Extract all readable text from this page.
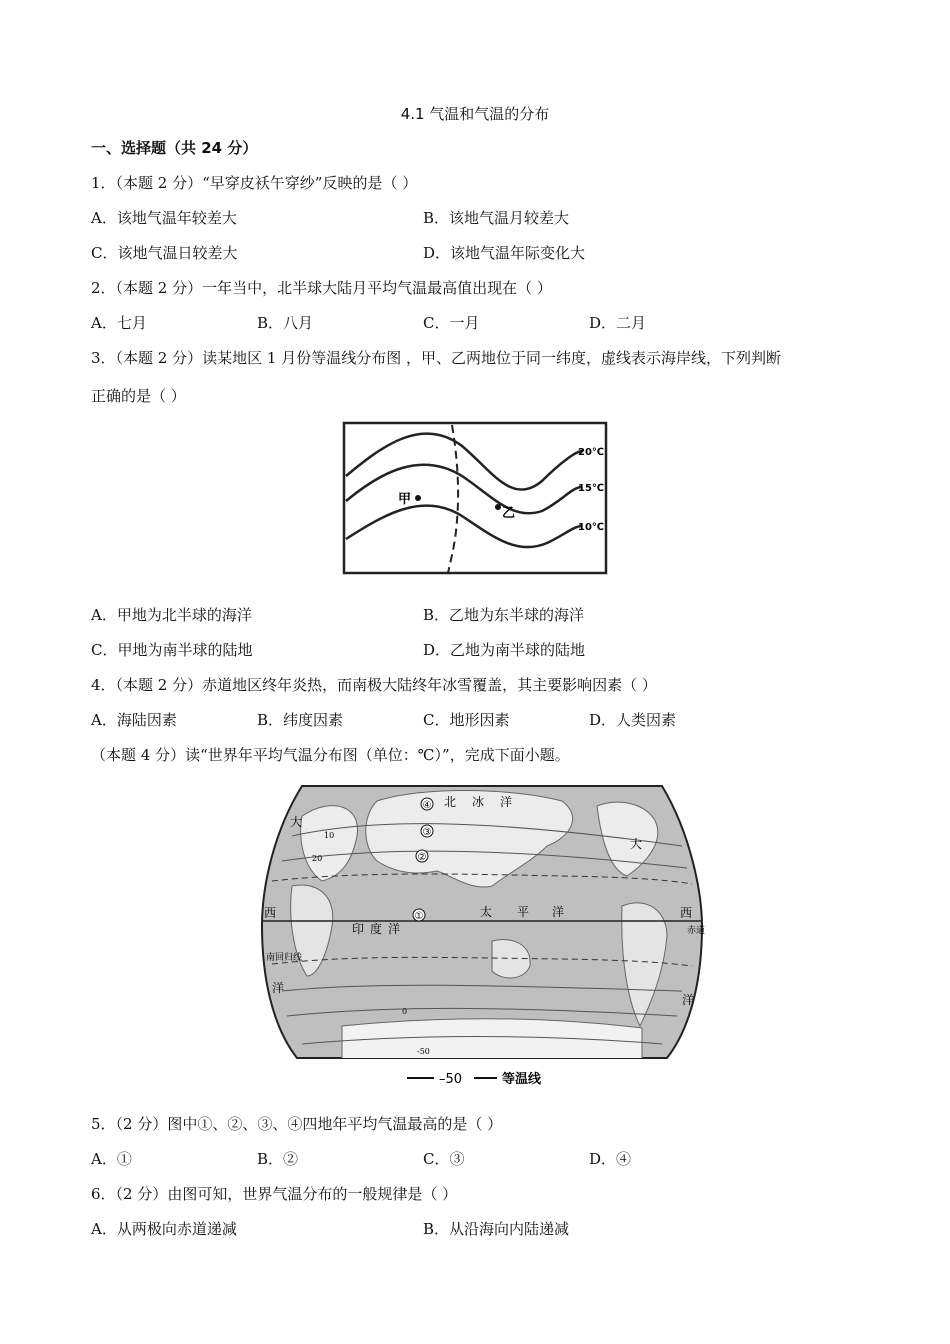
4.1 气温和气温的分布
一、选择题（共 24 分）
1．（本题 2 分）“早穿皮袄午穿纱”反映的是（ ）
A．该地气温年较差大	B．该地气温月较差大
C．该地气温日较差大	D．该地气温年际变化大
2．（本题 2 分）一年当中，北半球大陆月平均气温最高值出现在（ ）
A．七月	B．八月	C．一月	D．二月
3．（本题 2 分）读某地区 1 月份等温线分布图 ，甲、乙两地位于同一纬度，虚线表示海岸线，下列判断
正确的是（ ）
甲
乙
20℃
15℃
10℃
A．甲地为北半球的海洋	B．乙地为东半球的海洋
C．甲地为南半球的陆地	D．乙地为南半球的陆地
4．（本题 2 分）赤道地区终年炎热，而南极大陆终年冰雪覆盖，其主要影响因素（ ）
A．海陆因素	B．纬度因素	C．地形因素	D．人类因素
（本题 4 分）读“世界年平均气温分布图（单位：℃）”，完成下面小题。
④
③
②
①
北 冰 洋
太 平 洋
印 度 洋
大
大
西	西
赤道
南回归线
洋
洋
10
20
0
-50
–50	等温线
5．（2 分）图中①、②、③、④四地年平均气温最高的是（ ）
A．①	B．②	C．③	D．④
6．（2 分）由图可知，世界气温分布的一般规律是（ ）
A．从两极向赤道递减	B．从沿海向内陆递减
